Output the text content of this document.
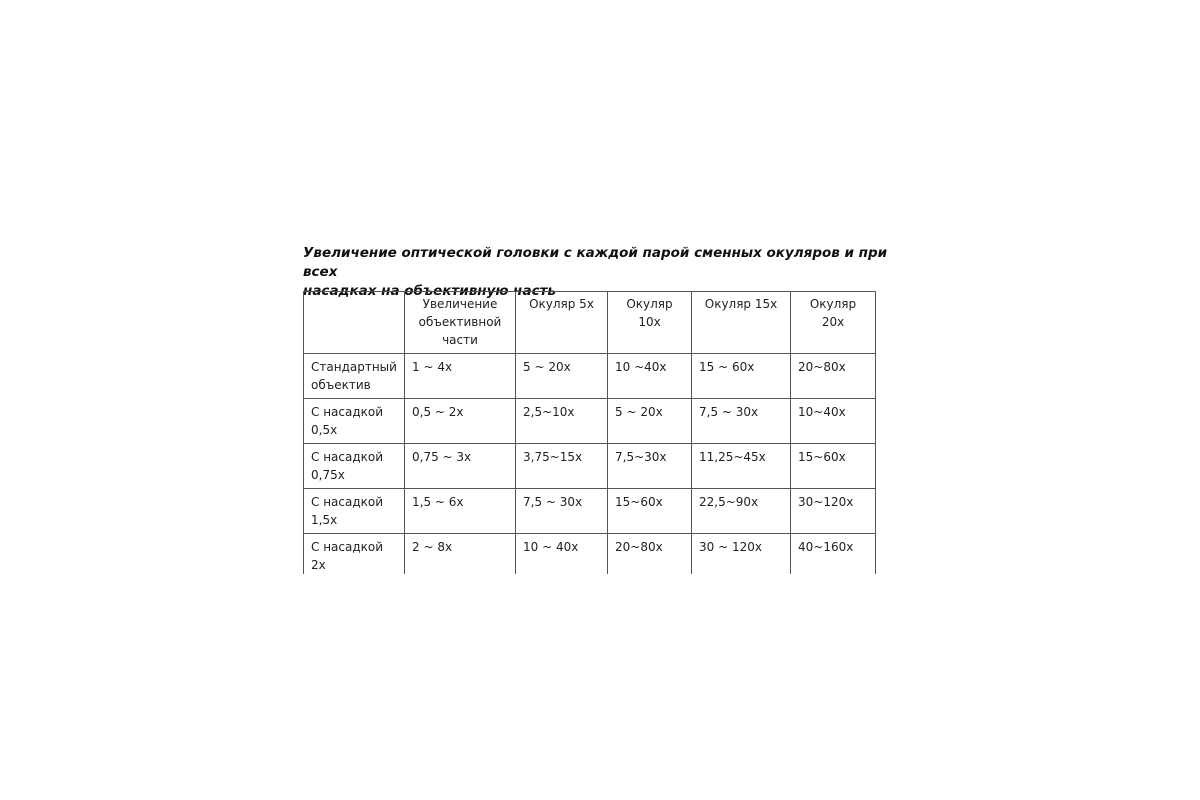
Увеличение оптической головки с каждой парой сменных окуляров и при всех
насадках на объективную часть
	Увеличение объективной части	Окуляр 5х	Окуляр 10х	Окуляр 15х	Окуляр 20х
Стандартный объектив	1 ~ 4х	5 ~ 20х	10 ~40х	15 ~ 60х	20~80х
С насадкой 0,5х	0,5 ~ 2х	2,5~10х	5 ~ 20х	7,5 ~ 30х	10~40х
С насадкой 0,75х	0,75 ~ 3х	3,75~15х	7,5~30х	11,25~45х	15~60х
С насадкой 1,5х	1,5 ~ 6х	7,5 ~ 30х	15~60х	22,5~90х	30~120х
С насадкой 2х	2 ~ 8х	10 ~ 40х	20~80х	30 ~ 120х	40~160х
